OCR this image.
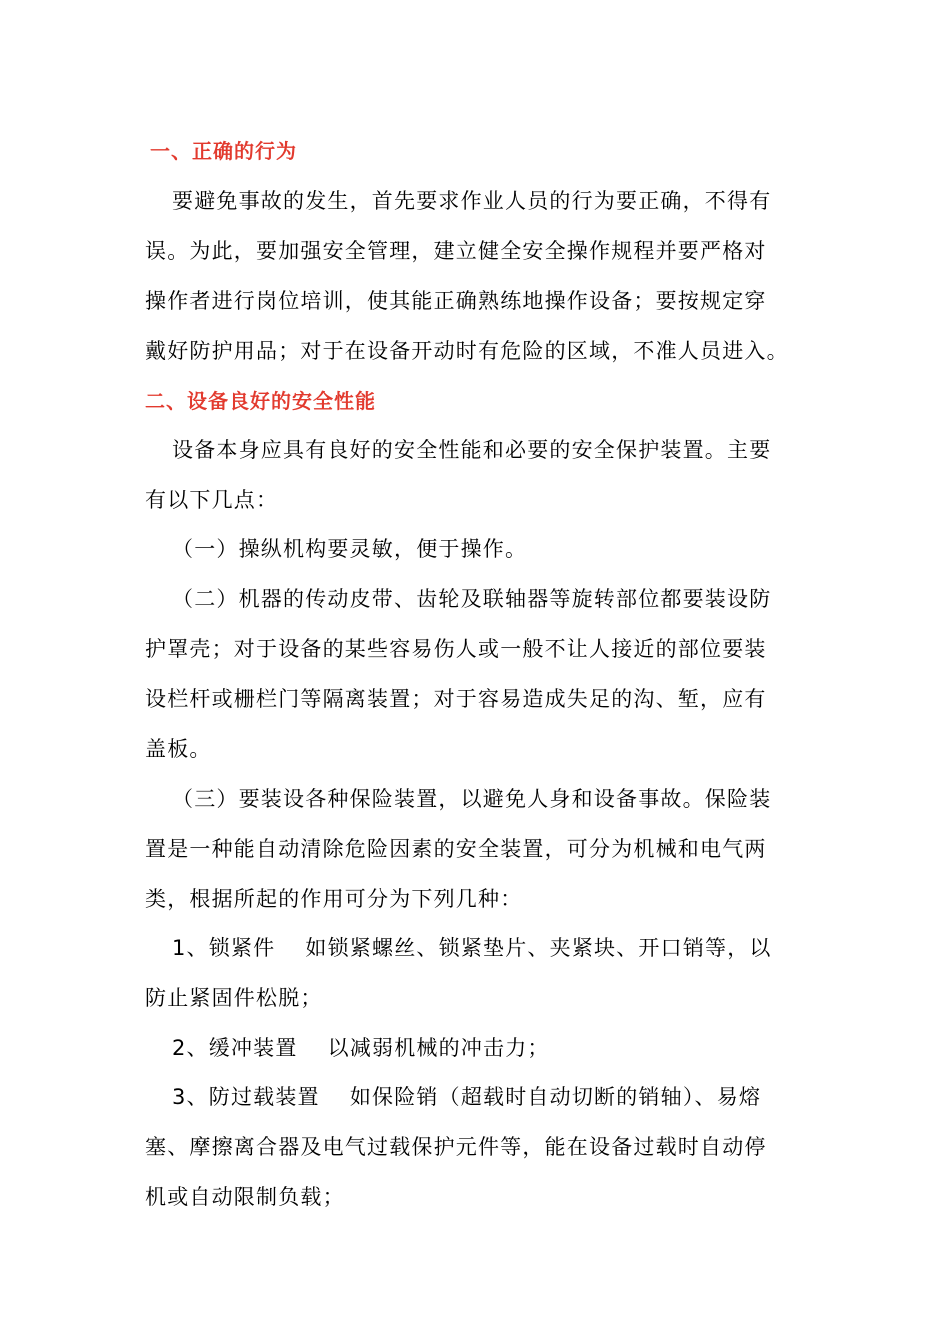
一、正确的行为
要避免事故的发生，首先要求作业人员的行为要正确，不得有
误。为此，要加强安全管理，建立健全安全操作规程并要严格对
操作者进行岗位培训，使其能正确熟练地操作设备；要按规定穿
戴好防护用品；对于在设备开动时有危险的区域，不准人员进入。
二、设备良好的安全性能
设备本身应具有良好的安全性能和必要的安全保护装置。主要
有以下几点：
（一）操纵机构要灵敏，便于操作。
（二）机器的传动皮带、齿轮及联轴器等旋转部位都要装设防
护罩壳；对于设备的某些容易伤人或一般不让人接近的部位要装
设栏杆或栅栏门等隔离装置；对于容易造成失足的沟、堑，应有
盖板。
（三）要装设各种保险装置，以避免人身和设备事故。保险装
置是一种能自动清除危险因素的安全装置，可分为机械和电气两
类，根据所起的作用可分为下列几种：
1、锁紧件　 如锁紧螺丝、锁紧垫片、夹紧块、开口销等，以
防止紧固件松脱；
2、缓冲装置　 以减弱机械的冲击力；
3、防过载装置　 如保险销（超载时自动切断的销轴）、易熔
塞、摩擦离合器及电气过载保护元件等，能在设备过载时自动停
机或自动限制负载；
